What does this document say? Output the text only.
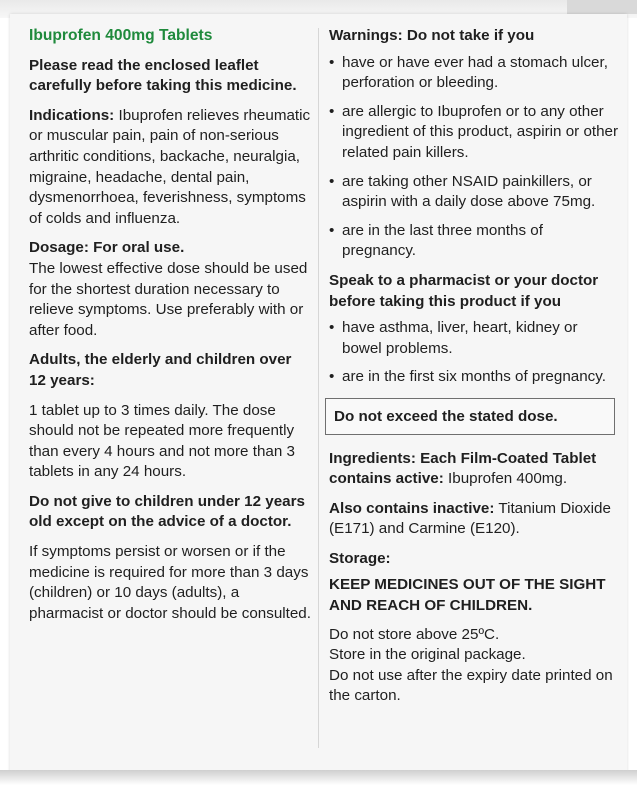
Ibuprofen 400mg Tablets

Please read the enclosed leaflet carefully before taking this medicine.

Indications: Ibuprofen relieves rheumatic or muscular pain, pain of non-serious arthritic conditions, backache, neuralgia, migraine, headache, dental pain, dysmenorrhoea, feverishness, symptoms of colds and influenza.

Dosage: For oral use.

The lowest effective dose should be used for the shortest duration necessary to relieve symptoms. Use preferably with or after food.

Adults, the elderly and children over 12 years:

1 tablet up to 3 times daily. The dose should not be repeated more frequently than every 4 hours and not more than 3 tablets in any 24 hours.

Do not give to children under 12 years old except on the advice of a doctor.

If symptoms persist or worsen or if the medicine is required for more than 3 days (children) or 10 days (adults), a pharmacist or doctor should be consulted.

Warnings: Do not take if you
• have or have ever had a stomach ulcer, perforation or bleeding.
• are allergic to Ibuprofen or to any other ingredient of this product, aspirin or other related pain killers.
• are taking other NSAID painkillers, or aspirin with a daily dose above 75mg.
• are in the last three months of pregnancy.
Speak to a pharmacist or your doctor before taking this product if you
• have asthma, liver, heart, kidney or bowel problems.
• are in the first six months of pregnancy.
Do not exceed the stated dose.

Ingredients: Each Film-Coated Tablet contains active: Ibuprofen 400mg.

Also contains inactive: Titanium Dioxide (E171) and Carmine (E120).

Storage:
KEEP MEDICINES OUT OF THE SIGHT AND REACH OF CHILDREN.
Do not store above 25ºC.
Store in the original package.
Do not use after the expiry date printed on the carton.
